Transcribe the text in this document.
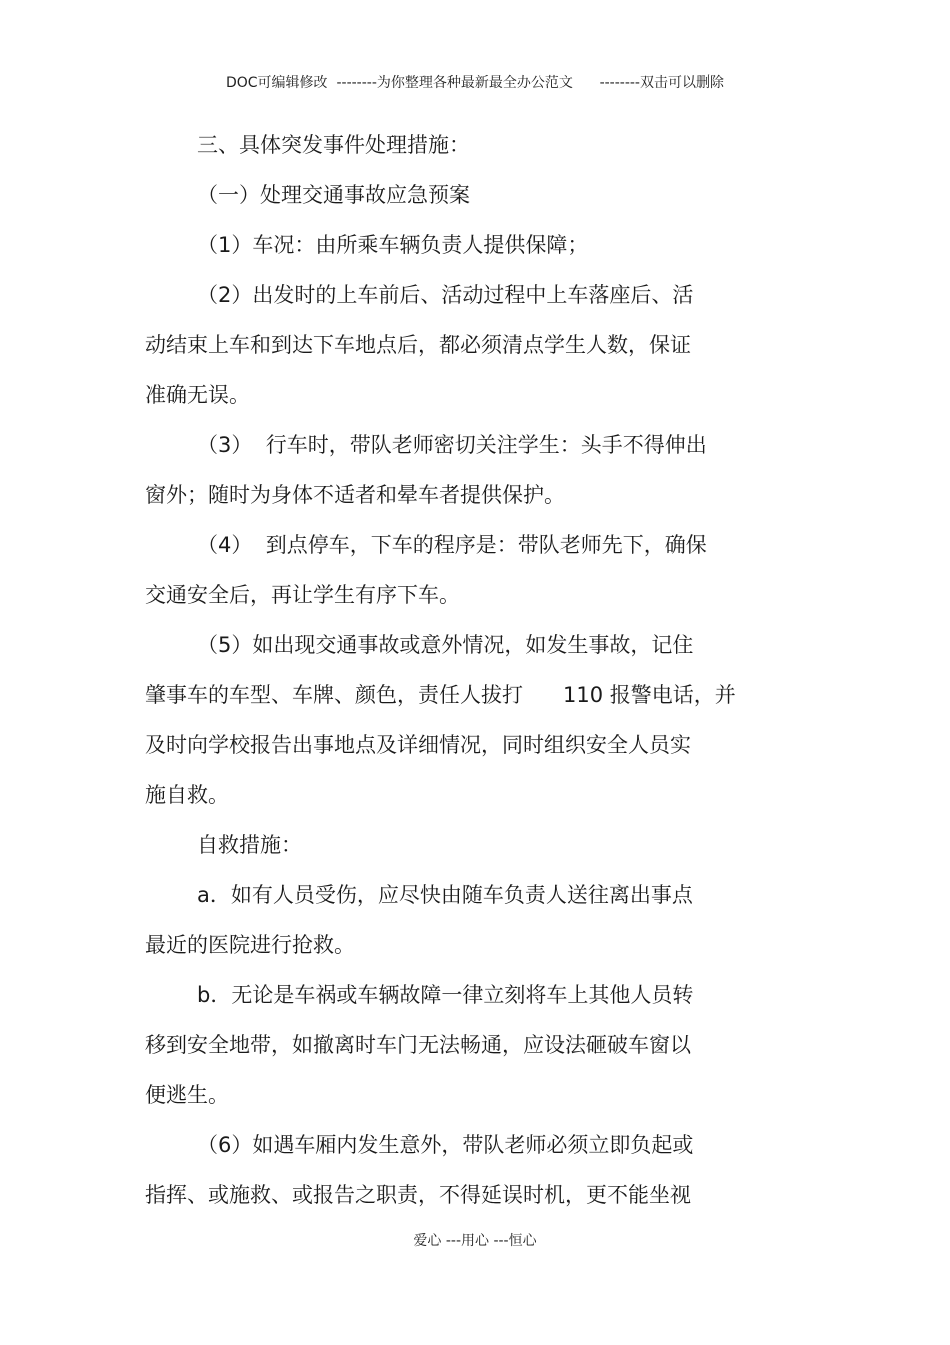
DOC可编辑修改  --------为你整理各种最新最全办公范文      --------双击可以删除
三、具体突发事件处理措施：
（一）处理交通事故应急预案
（1）车况：由所乘车辆负责人提供保障；
（2）出发时的上车前后、活动过程中上车落座后、活
动结束上车和到达下车地点后，都必须清点学生人数，保证
准确无误。
（3）  行车时，带队老师密切关注学生：头手不得伸出
窗外；随时为身体不适者和晕车者提供保护。
（4）  到点停车，下车的程序是：带队老师先下，确保
交通安全后，再让学生有序下车。
（5）如出现交通事故或意外情况，如发生事故，记住
肇事车的车型、车牌、颜色，责任人拔打      110 报警电话，并
及时向学校报告出事地点及详细情况，同时组织安全人员实
施自救。
自救措施：
a．如有人员受伤，应尽快由随车负责人送往离出事点
最近的医院进行抢救。
b．无论是车祸或车辆故障一律立刻将车上其他人员转
移到安全地带，如撤离时车门无法畅通，应设法砸破车窗以
便逃生。
（6）如遇车厢内发生意外，带队老师必须立即负起或
指挥、或施救、或报告之职责，不得延误时机，更不能坐视
爱心 ---用心 ---恒心
